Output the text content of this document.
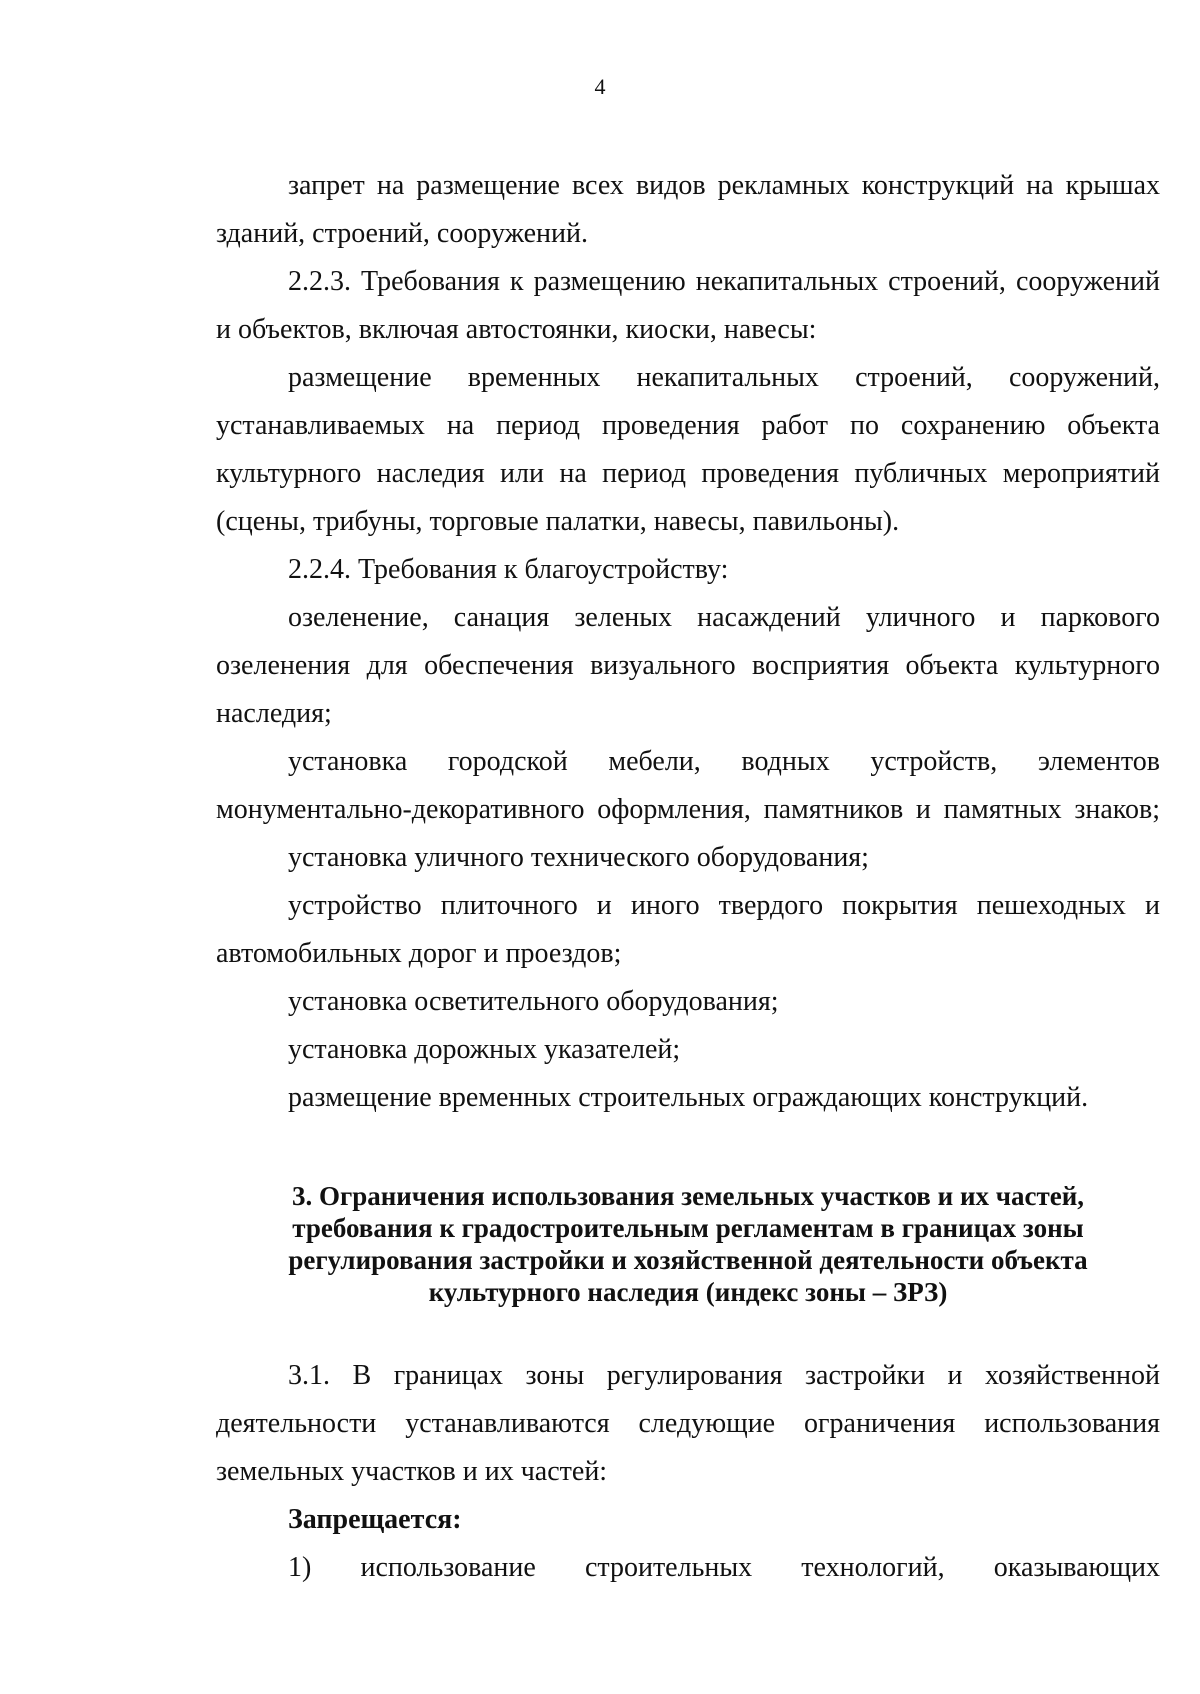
4
запрет на размещение всех видов рекламных конструкций на крышах
зданий, строений, сооружений.
2.2.3. Требования к размещению некапитальных строений, сооружений
и объектов, включая автостоянки, киоски, навесы:
размещение временных некапитальных строений, сооружений,
устанавливаемых на период проведения работ по сохранению объекта
культурного наследия или на период проведения публичных мероприятий
(сцены, трибуны, торговые палатки, навесы, павильоны).
2.2.4. Требования к благоустройству:
озеленение, санация зеленых насаждений уличного и паркового
озеленения для обеспечения визуального восприятия объекта культурного
наследия;
установка городской мебели, водных устройств, элементов
монументально-декоративного оформления, памятников и памятных знаков;
установка уличного технического оборудования;
устройство плиточного и иного твердого покрытия пешеходных и
автомобильных дорог и проездов;
установка осветительного оборудования;
установка дорожных указателей;
размещение временных строительных ограждающих конструкций.
3. Ограничения использования земельных участков и их частей,
требования к градостроительным регламентам в границах зоны
регулирования застройки и хозяйственной деятельности объекта
культурного наследия (индекс зоны – ЗРЗ)
3.1. В границах зоны регулирования застройки и хозяйственной
деятельности устанавливаются следующие ограничения использования
земельных участков и их частей:
Запрещается:
1) использование строительных технологий, оказывающих
